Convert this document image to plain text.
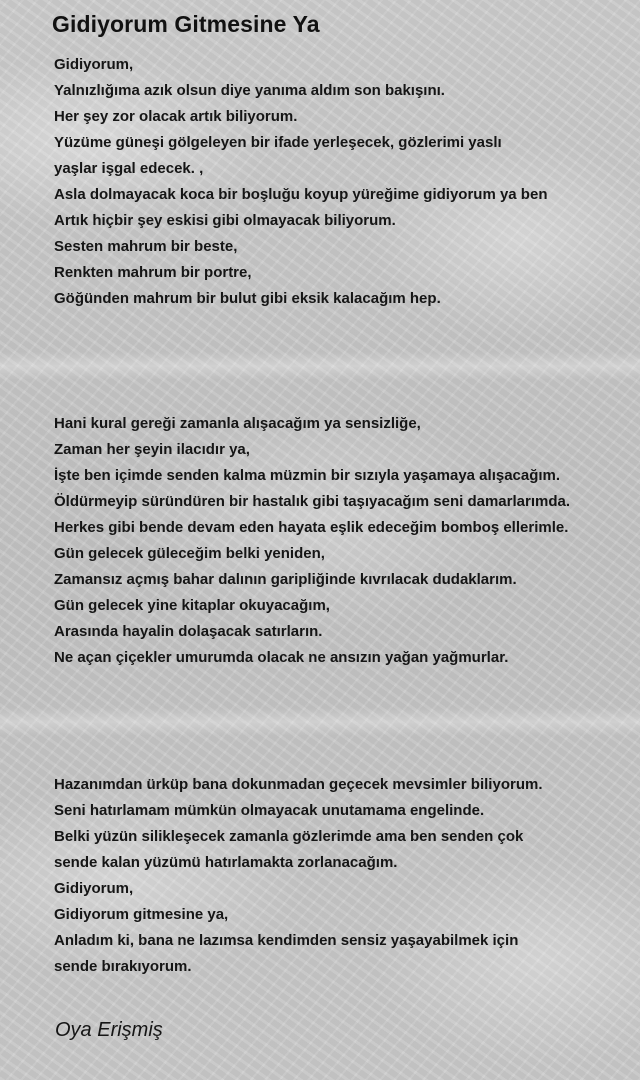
Gidiyorum Gitmesine Ya
Gidiyorum,
Yalnızlığıma azık olsun diye yanıma aldım son bakışını.
Her şey zor olacak artık biliyorum.
Yüzüme güneşi gölgeleyen bir ifade yerleşecek, gözlerimi yaslı
yaşlar işgal edecek. ,
Asla dolmayacak koca bir boşluğu koyup yüreğime gidiyorum ya ben
Artık hiçbir şey eskisi gibi olmayacak biliyorum.
Sesten mahrum bir beste,
Renkten mahrum bir portre,
Göğünden mahrum bir bulut gibi eksik kalacağım hep.
Hani kural gereği zamanla alışacağım ya sensizliğe,
Zaman her şeyin ilacıdır ya,
İşte ben içimde senden kalma müzmin bir sızıyla yaşamaya alışacağım.
Öldürmeyip süründüren bir hastalık gibi taşıyacağım seni damarlarımda.
Herkes gibi bende devam eden hayata eşlik edeceğim bomboş ellerimle.
Gün gelecek güleceğim belki yeniden,
Zamansız açmış bahar dalının garipliğinde kıvrılacak dudaklarım.
Gün gelecek yine kitaplar okuyacağım,
Arasında hayalin dolaşacak satırların.
Ne açan çiçekler umurumda olacak ne ansızın yağan yağmurlar.
Hazanımdan ürküp bana dokunmadan geçecek mevsimler biliyorum.
Seni hatırlamam mümkün olmayacak unutamama engelinde.
Belki yüzün silikleşecek zamanla gözlerimde ama ben senden çok
sende kalan yüzümü hatırlamakta zorlanacağım.
Gidiyorum,
Gidiyorum gitmesine ya,
Anladım ki, bana ne lazımsa kendimden sensiz yaşayabilmek için
sende bırakıyorum.

Oya Erişmiş
